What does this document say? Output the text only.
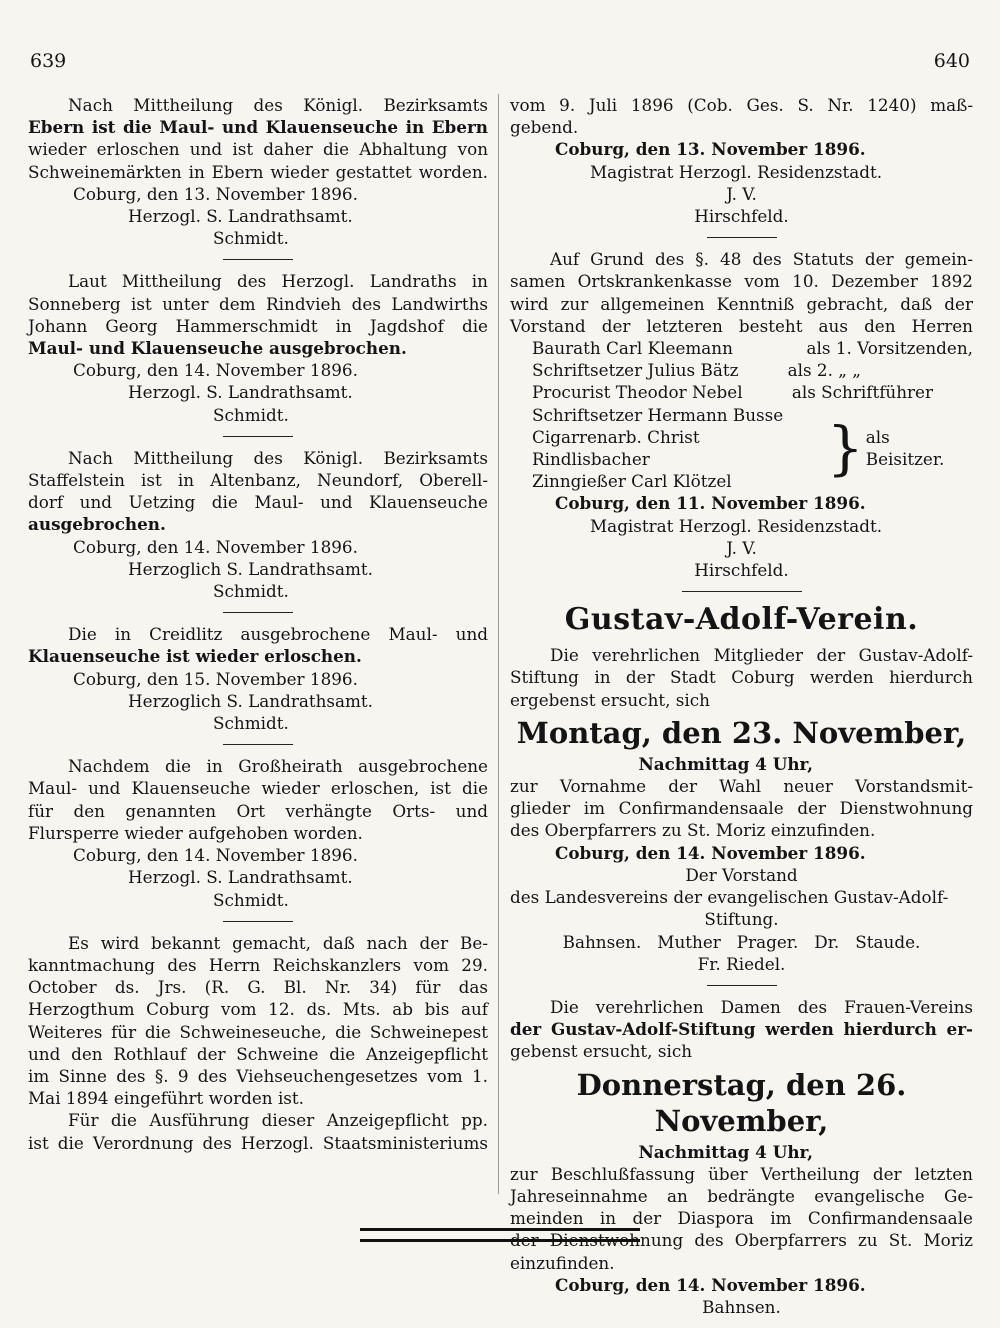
639	640

Nach Mittheilung des Königl. Bezirksamts

Ebern ist die Maul- und Klauenseuche in Ebern

wieder erloschen und ist daher die Abhaltung von

Schweinemärkten in Ebern wieder gestattet worden.

Coburg, den 13. November 1896.

Herzogl. S. Landrathsamt.

Schmidt.

Laut Mittheilung des Herzogl. Landraths in

Sonneberg ist unter dem Rindvieh des Landwirths

Johann Georg Hammerschmidt in Jagdshof die

Maul- und Klauenseuche ausgebrochen.

Coburg, den 14. November 1896.

Herzogl. S. Landrathsamt.

Schmidt.

Nach Mittheilung des Königl. Bezirksamts

Staffelstein ist in Altenbanz, Neundorf, Oberell-

dorf und Uetzing die Maul- und Klauenseuche

ausgebrochen.

Coburg, den 14. November 1896.

Herzoglich S. Landrathsamt.

Schmidt.

Die in Creidlitz ausgebrochene Maul- und

Klauenseuche ist wieder erloschen.

Coburg, den 15. November 1896.

Herzoglich S. Landrathsamt.

Schmidt.

Nachdem die in Großheirath ausgebrochene

Maul- und Klauenseuche wieder erloschen, ist die

für den genannten Ort verhängte Orts- und

Flursperre wieder aufgehoben worden.

Coburg, den 14. November 1896.

Herzogl. S. Landrathsamt.

Schmidt.

Es wird bekannt gemacht, daß nach der Be-

kanntmachung des Herrn Reichskanzlers vom 29.

October ds. Jrs. (R. G. Bl. Nr. 34) für das

Herzogthum Coburg vom 12. ds. Mts. ab bis auf

Weiteres für die Schweineseuche, die Schweinepest

und den Rothlauf der Schweine die Anzeigepflicht

im Sinne des §. 9 des Viehseuchengesetzes vom 1.

Mai 1894 eingeführt worden ist.

Für die Ausführung dieser Anzeigepflicht pp.

ist die Verordnung des Herzogl. Staatsministeriums

vom 9. Juli 1896 (Cob. Ges. S. Nr. 1240) maß-

gebend.

Coburg, den 13. November 1896.

Magistrat Herzogl. Residenzstadt.

J. V.

Hirschfeld.

Auf Grund des §. 48 des Statuts der gemein-

samen Ortskrankenkasse vom 10. Dezember 1892

wird zur allgemeinen Kenntniß gebracht, daß der

Vorstand der letzteren besteht aus den Herren

Baurath Carl Kleemann	als 1. Vorsitzenden,
Schriftsetzer Julius Bätz	als 2. „ „
Procurist Theodor Nebel	als Schriftführer
Schriftsetzer Hermann Busse
Cigarrenarb. Christ Rindlisbacher
Zinngießer Carl Klötzel	} als Beisitzer.

Coburg, den 11. November 1896.

Magistrat Herzogl. Residenzstadt.

J. V.

Hirschfeld.

Gustav-Adolf-Verein.

Die verehrlichen Mitglieder der Gustav-Adolf-

Stiftung in der Stadt Coburg werden hierdurch

ergebenst ersucht, sich

Montag, den 23. November,

Nachmittag 4 Uhr,

zur Vornahme der Wahl neuer Vorstandsmit-

glieder im Confirmandensaale der Dienstwohnung

des Oberpfarrers zu St. Moriz einzufinden.

Coburg, den 14. November 1896.

Der Vorstand

des Landesvereins der evangelischen Gustav-Adolf-

Stiftung.

Bahnsen.   Muther   Prager.   Dr.   Staude.

Fr. Riedel.

Die verehrlichen Damen des Frauen-Vereins

der Gustav-Adolf-Stiftung werden hierdurch er-

gebenst ersucht, sich

Donnerstag, den 26. November,

Nachmittag 4 Uhr,

zur Beschlußfassung über Vertheilung der letzten

Jahreseinnahme an bedrängte evangelische Ge-

meinden in der Diaspora im Confirmandensaale

der Dienstwohnung des Oberpfarrers zu St. Moriz

einzufinden.

Coburg, den 14. November 1896.

Bahnsen.
